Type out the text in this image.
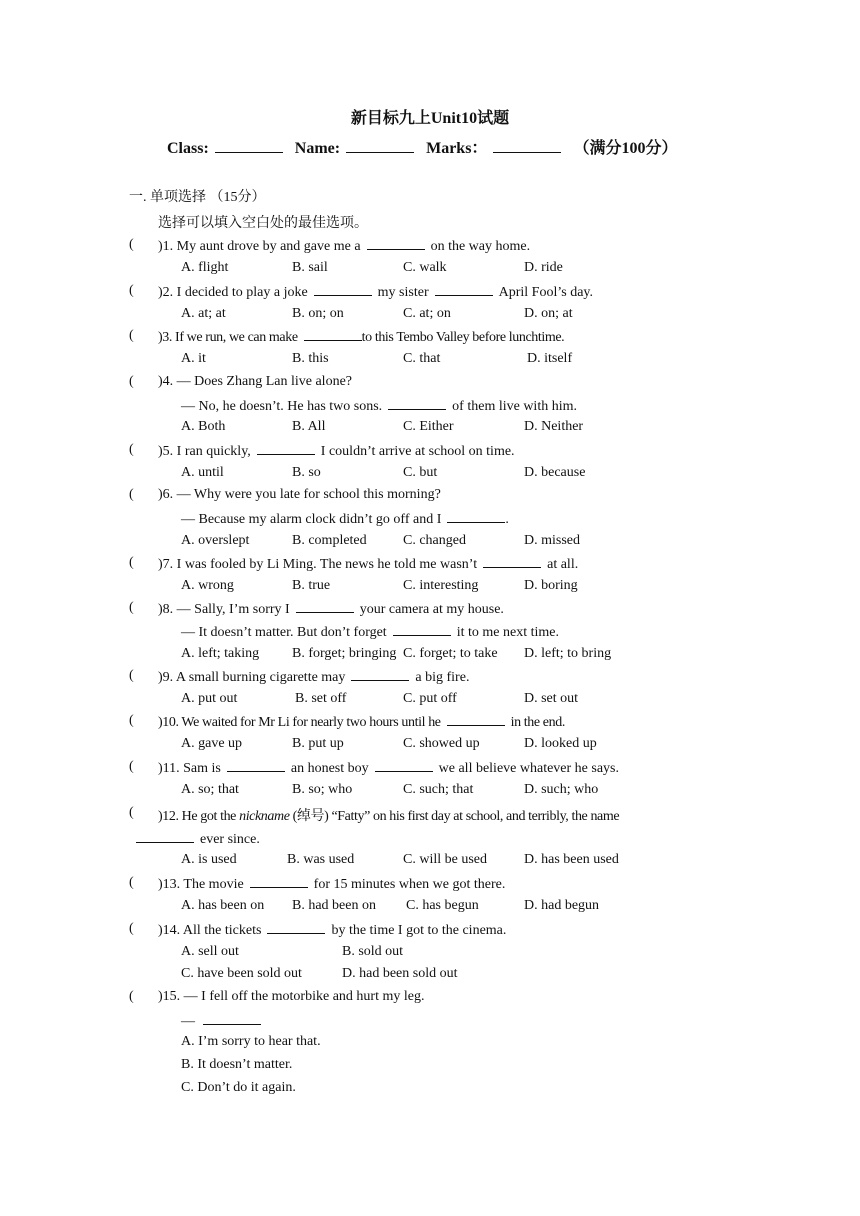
新目标九上Unit10试题
Class:	Name:	Marks：	（满分100分）
一. 单项选择 （15分）
选择可以填入空白处的最佳选项。
( )1. My aunt drove by and gave me a	on the way home.
A. flight	B. sail	C. walk	D. ride
( )2. I decided to play a joke	my sister	April Fool’s day.
A. at; at	B. on; on	C. at; on	D. on; at
( )3. If we run, we can make	to this Tembo Valley before lunchtime.
A. it	B. this	C. that	D. itself
( )4. — Does Zhang Lan live alone?
— No, he doesn’t. He has two sons.	of them live with him.
A. Both	B. All	C. Either	D. Neither
( )5. I ran quickly,	I couldn’t arrive at school on time.
A. until	B. so	C. but	D. because
( )6. — Why were you late for school this morning?
— Because my alarm clock didn’t go off and I	.
A. overslept	B. completed	C. changed	D. missed
( )7. I was fooled by Li Ming. The news he told me wasn’t	at all.
A. wrong	B. true	C. interesting	D. boring
( )8. — Sally, I’m sorry I	your camera at my house.
— It doesn’t matter. But don’t forget	it to me next time.
A. left; taking B. forget; bringing C. forget; to take D. left; to bring
( )9. A small burning cigarette may	a big fire.
A. put out	B. set off	C. put off	D. set out
( )10. We waited for Mr Li for nearly two hours until he	in the end.
A. gave up	B. put up	C. showed up	D. looked up
( )11. Sam is	an honest boy	we all believe whatever he says.
A. so; that	B. so; who	C. such; that	D. such; who
( )12. He got the nickname (绰号) “Fatty” on his first day at school, and terribly, the name
ever since.
A. is used	B. was used	C. will be used	D. has been used
( )13. The movie	for 15 minutes when we got there.
A. has been on B. had been on C. has begun	D. had begun
( )14. All the tickets	by the time I got to the cinema.
A. sell out	B. sold out
C. have been sold out	D. had been sold out
( )15. — I fell off the motorbike and hurt my leg.
—
A. I’m sorry to hear that.
B. It doesn’t matter.
C. Don’t do it again.
